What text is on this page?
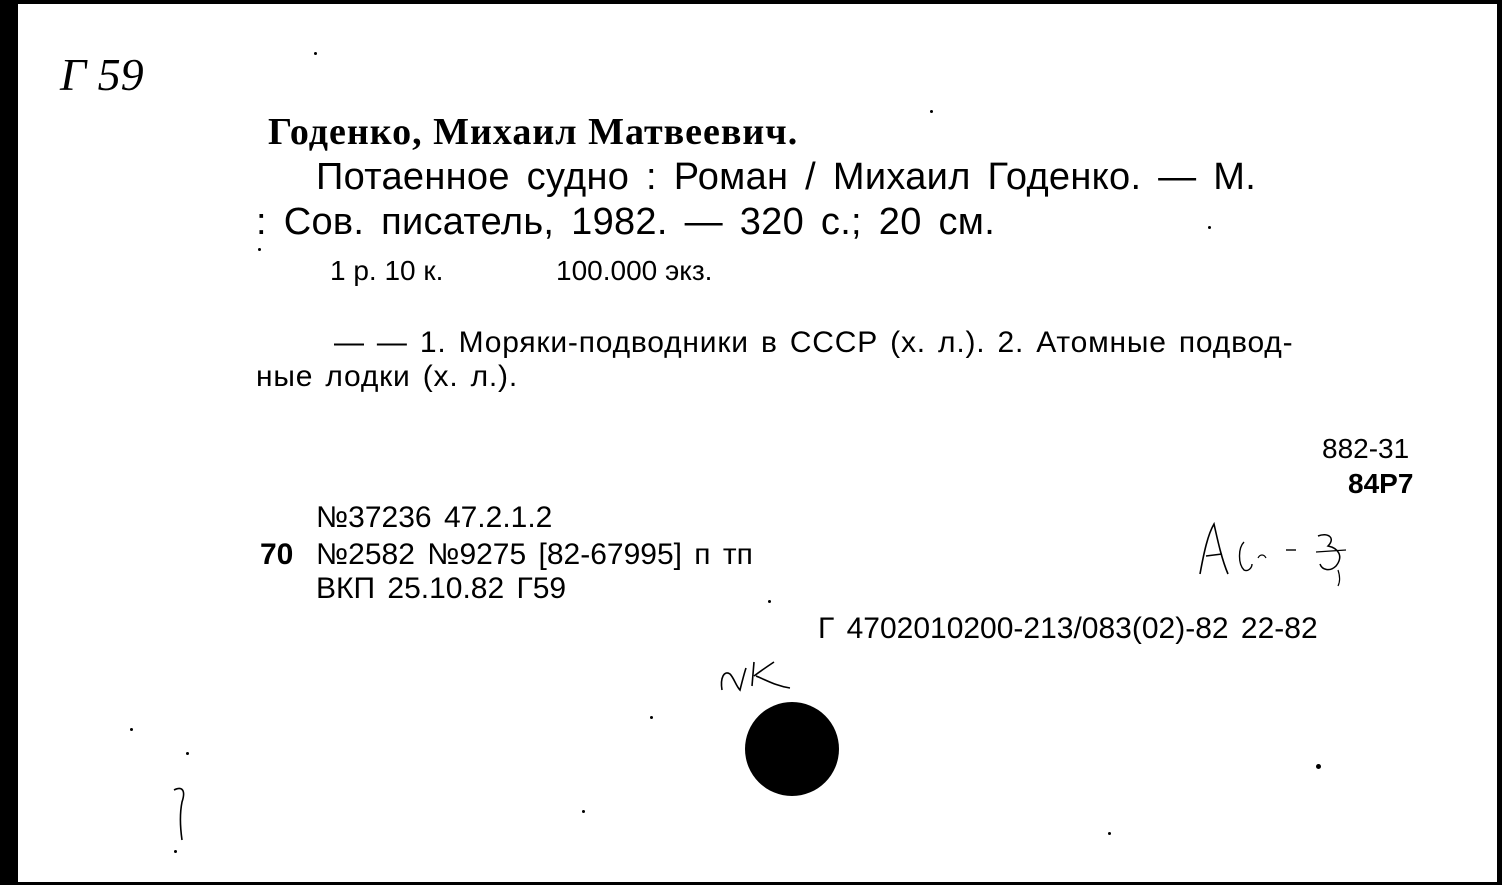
Г 59
Годенко, Михаил Матвеевич.
Потаенное судно : Роман / Михаил Годенко. — М.
: Сов. писатель, 1982. — 320 с.; 20 см.
1 р. 10 к.	100.000 экз.
— — 1. Моряки-подводники в СССР (х. л.). 2. Атомные подвод-
ные лодки (х. л.).
882-31
84Р7
№37236 47.2.1.2
70 №2582 №9275 [82-67995] п тп
ВКП 25.10.82 Г59
Г 4702010200-213/083(02)-82 22-82
